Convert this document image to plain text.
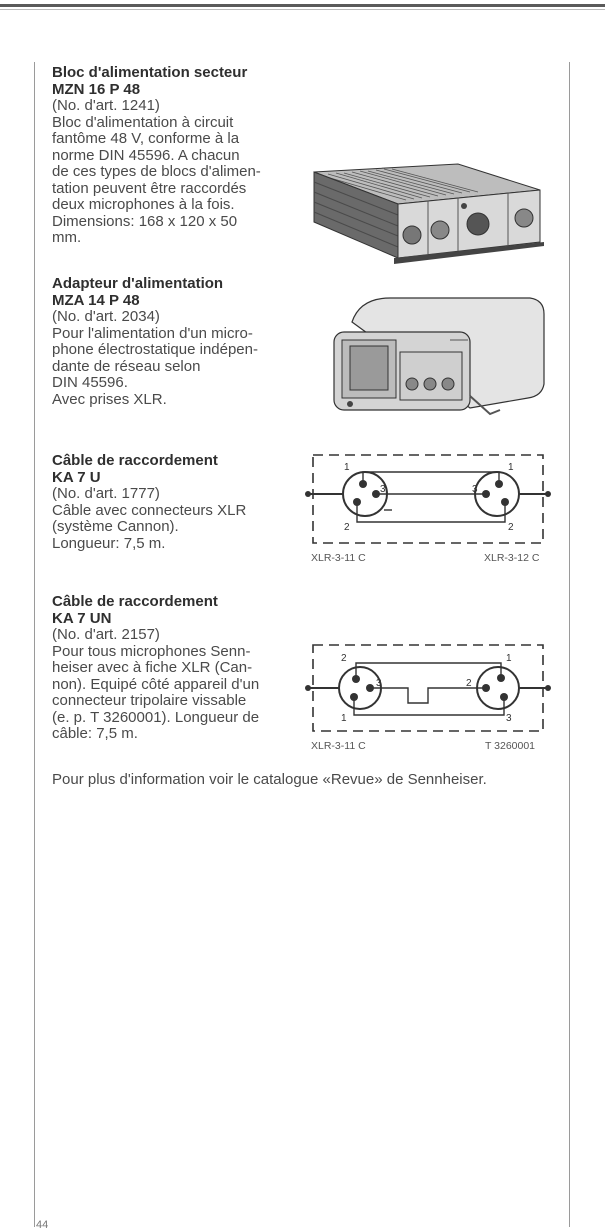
Bloc d'alimentation secteur
MZN 16 P 48
(No. d'art. 1241)
Bloc d'alimentation à circuit
fantôme 48 V, conforme à la
norme DIN 45596. A chacun
de ces types de blocs d'alimen-
tation peuvent être raccordés
deux microphones à la fois.
Dimensions: 168 x 120 x 50
mm.
Adapteur d'alimentation
MZA 14 P 48
(No. d'art. 2034)
Pour l'alimentation d'un micro-
phone électrostatique indépen-
dante de réseau selon
DIN 45596.
Avec prises XLR.
Câble de raccordement
KA 7 U
(No. d'art. 1777)
Câble avec connecteurs XLR
(système Cannon).
Longueur: 7,5 m.
Câble de raccordement
KA 7 UN
(No. d'art. 2157)
Pour tous microphones Senn-
heiser avec à fiche XLR (Can-
non). Equipé côté appareil d'un
connecteur tripolaire vissable
(e. p. T 3260001). Longueur de
câble: 7,5 m.
1	1
3	3
2	2
XLR-3-11 C	XLR-3-12 C
2	1
3	2
1	3
XLR-3-11 C	T 3260001
Pour plus d'information voir le catalogue «Revue» de Sennheiser.
44
